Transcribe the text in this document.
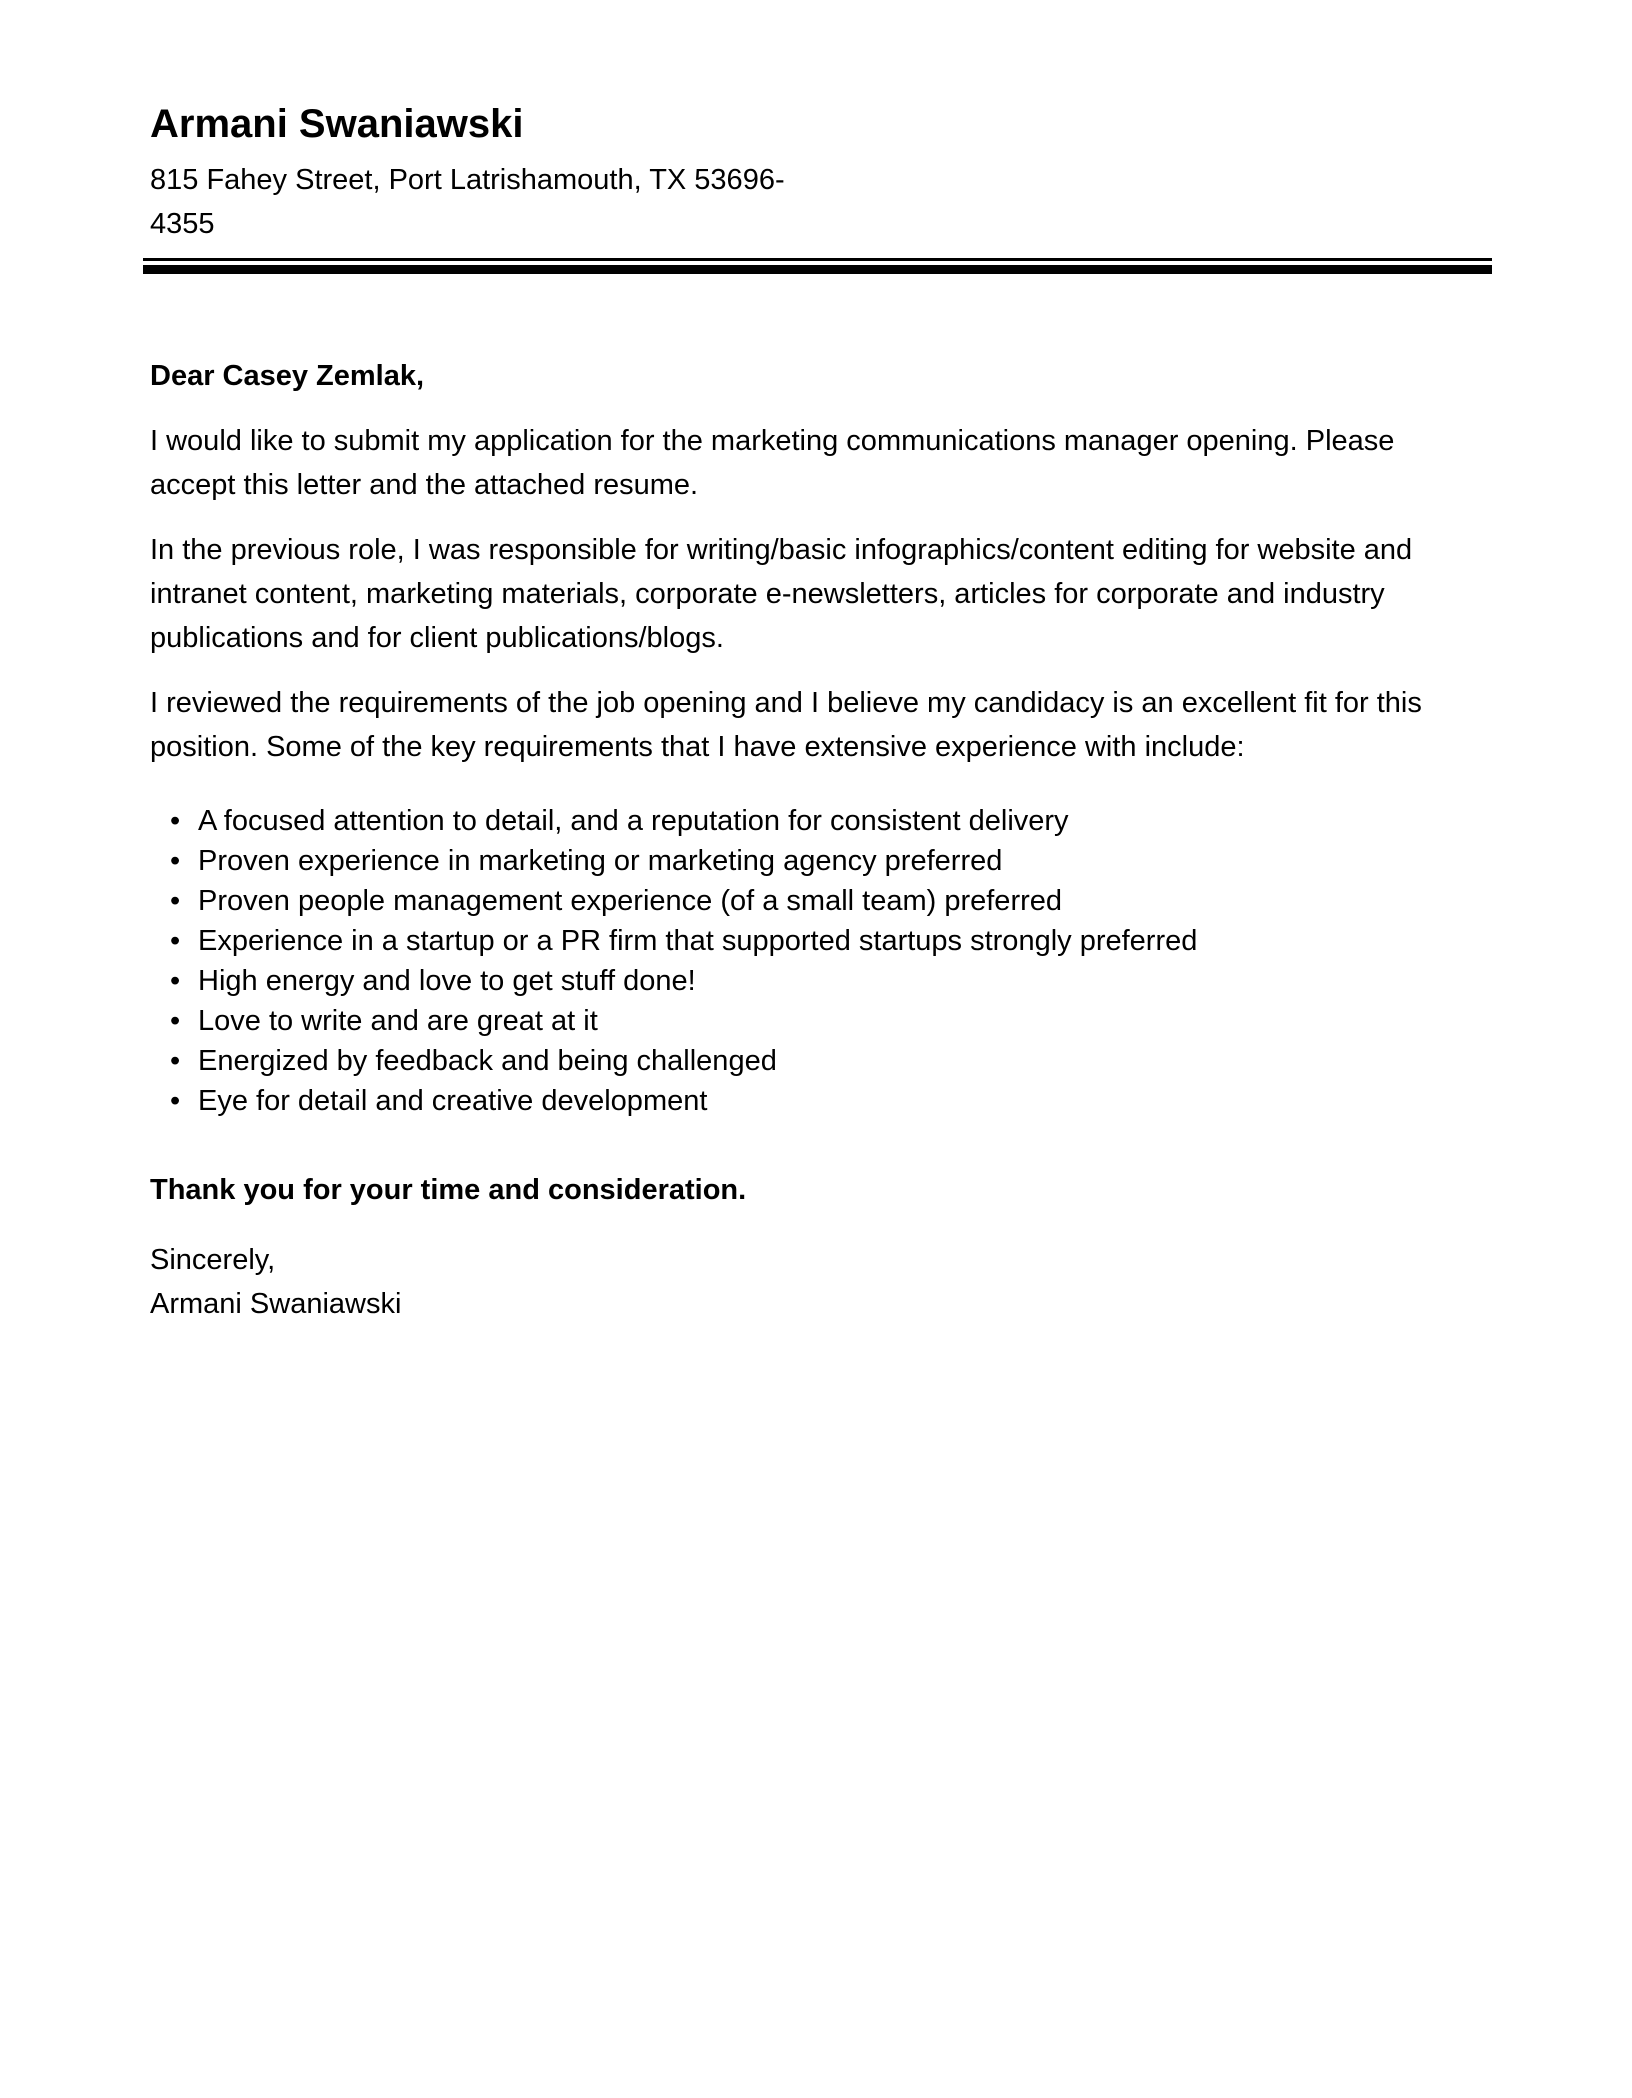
Armani Swaniawski
815 Fahey Street, Port Latrishamouth, TX 53696-
4355
Dear Casey Zemlak,

I would like to submit my application for the marketing communications manager opening. Please accept this letter and the attached resume.

In the previous role, I was responsible for writing/basic infographics/content editing for website and intranet content, marketing materials, corporate e-newsletters, articles for corporate and industry publications and for client publications/blogs.

I reviewed the requirements of the job opening and I believe my candidacy is an excellent fit for this position. Some of the key requirements that I have extensive experience with include:

• A focused attention to detail, and a reputation for consistent delivery
• Proven experience in marketing or marketing agency preferred
• Proven people management experience (of a small team) preferred
• Experience in a startup or a PR firm that supported startups strongly preferred
• High energy and love to get stuff done!
• Love to write and are great at it
• Energized by feedback and being challenged
• Eye for detail and creative development
Thank you for your time and consideration.
Sincerely,
Armani Swaniawski
